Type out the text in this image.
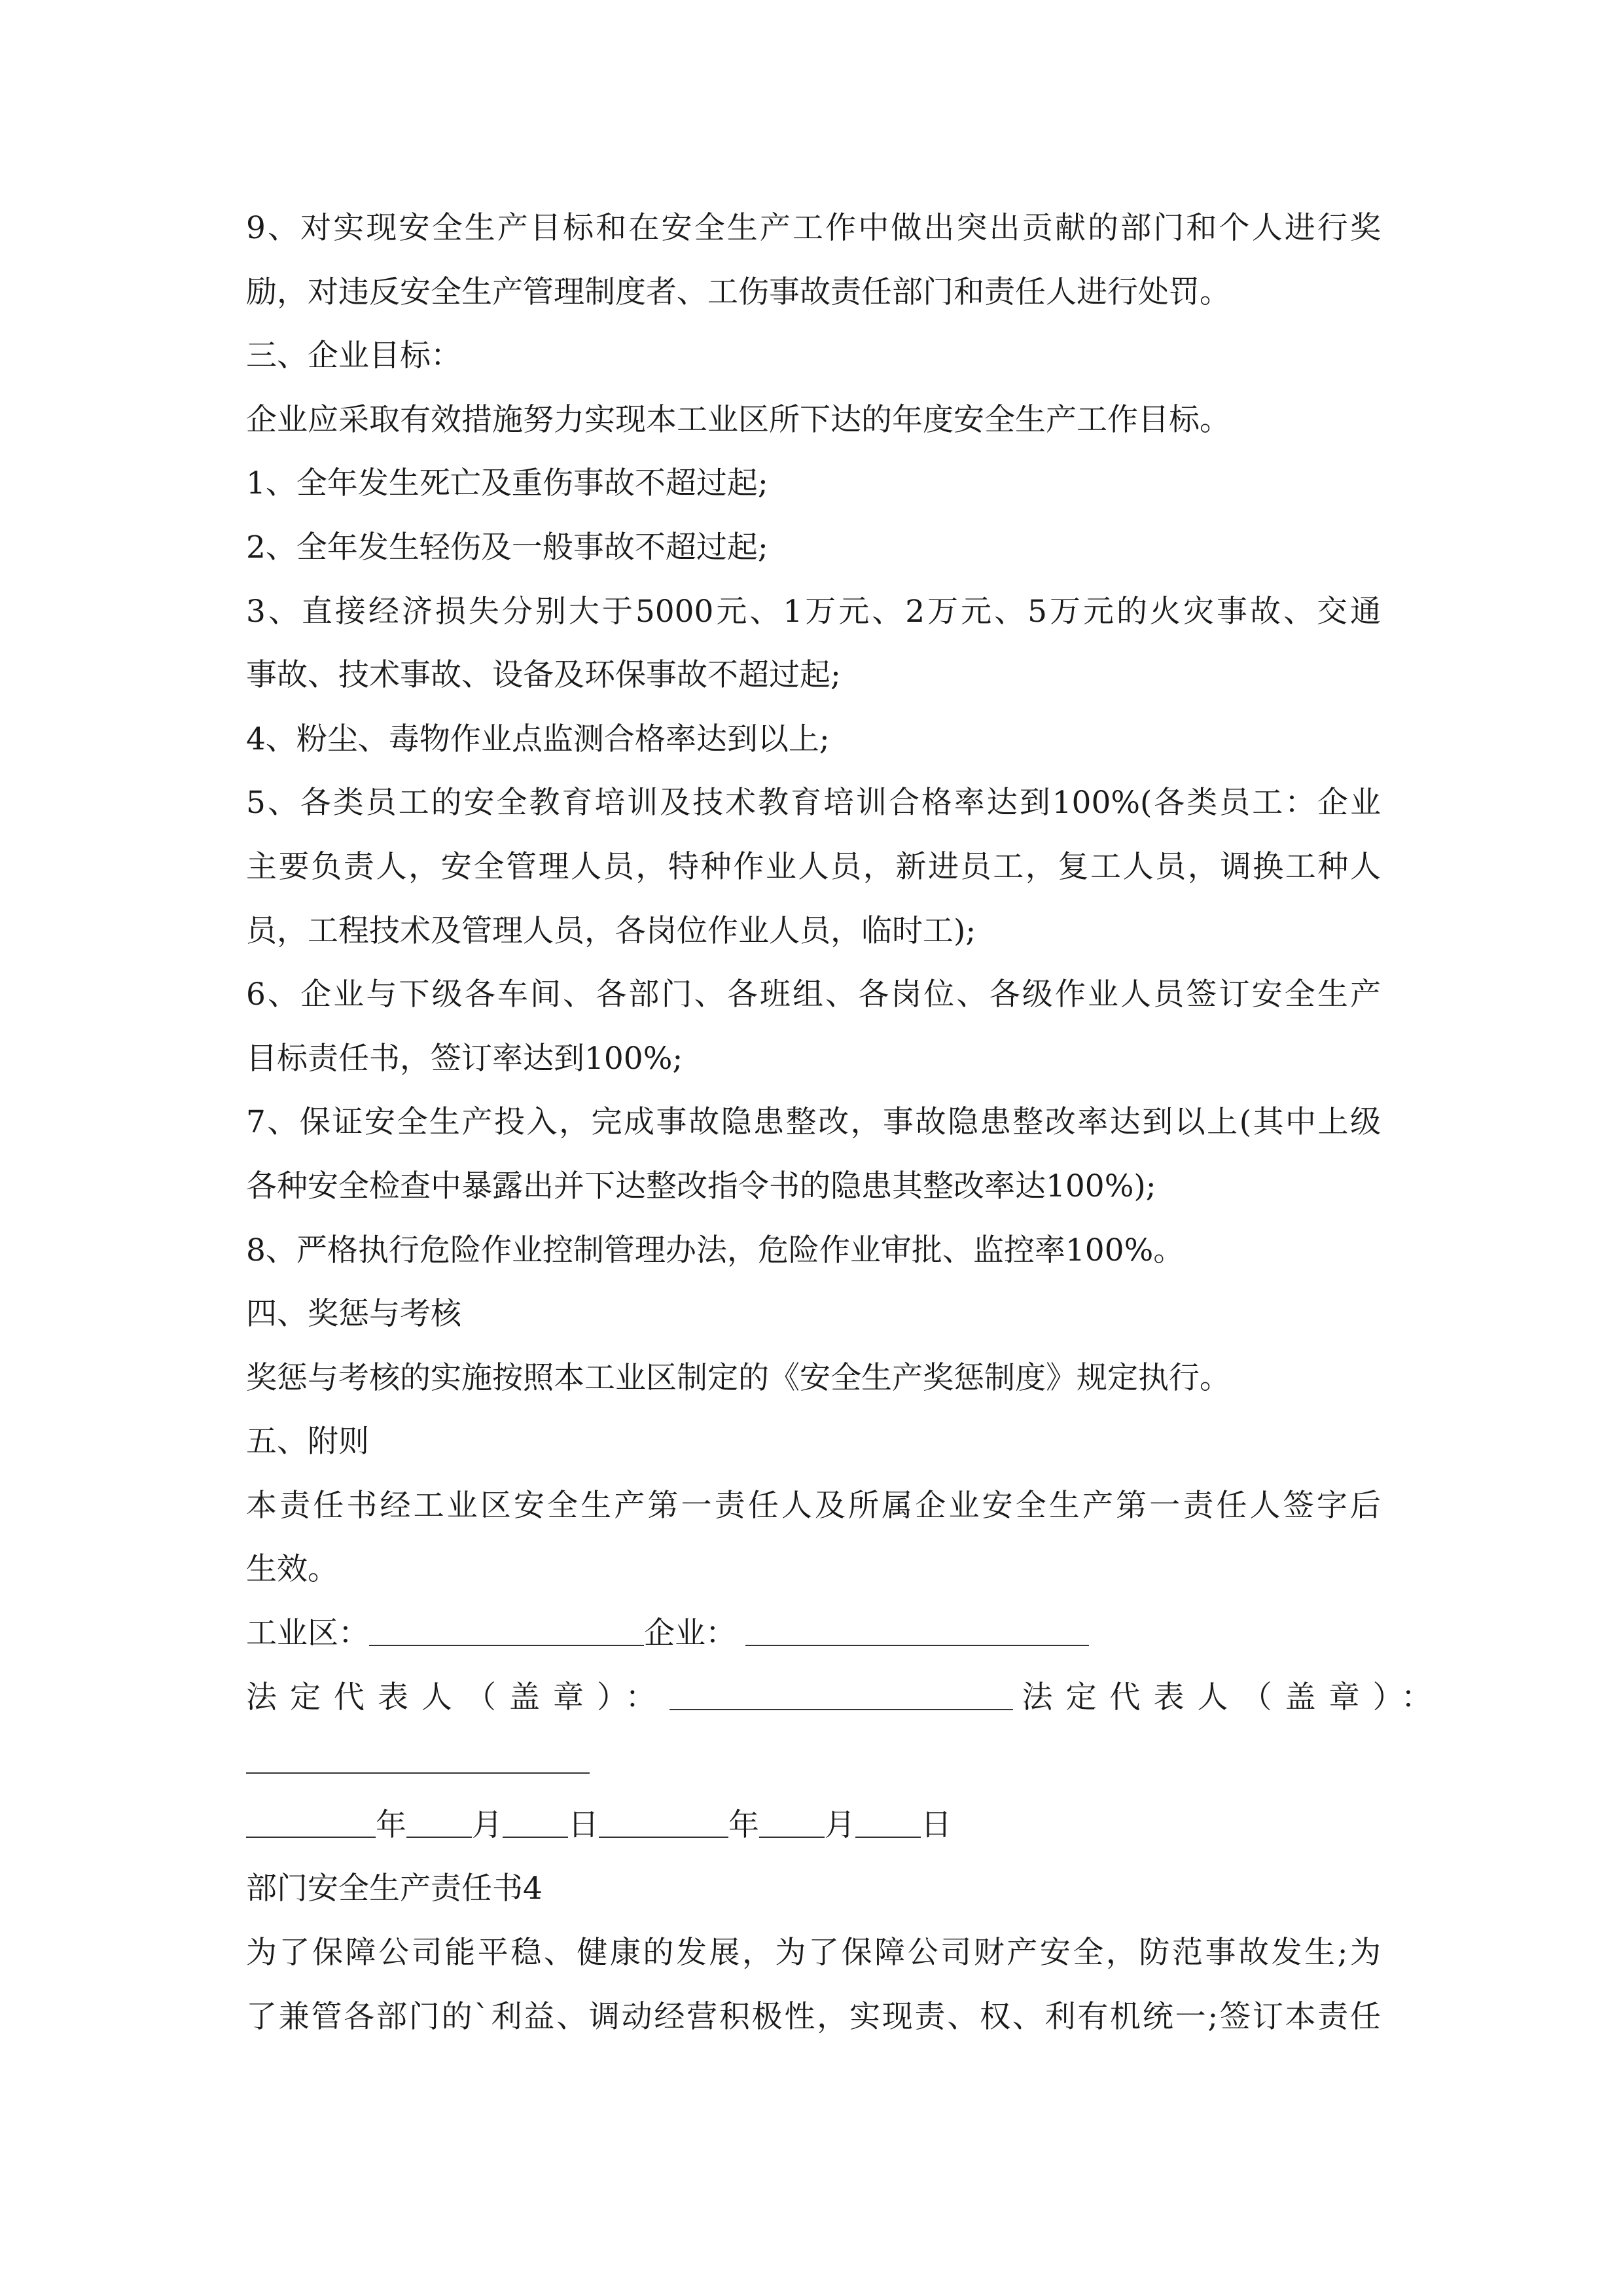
9、对实现安全生产目标和在安全生产工作中做出突出贡献的部门和个人进行奖
励，对违反安全生产管理制度者、工伤事故责任部门和责任人进行处罚。
三、企业目标：
企业应采取有效措施努力实现本工业区所下达的年度安全生产工作目标。
1、全年发生死亡及重伤事故不超过起;
2、全年发生轻伤及一般事故不超过起;
3、直接经济损失分别大于5000元、1万元、2万元、5万元的火灾事故、交通
事故、技术事故、设备及环保事故不超过起;
4、粉尘、毒物作业点监测合格率达到以上;
5、各类员工的安全教育培训及技术教育培训合格率达到100%(各类员工：企业
主要负责人，安全管理人员，特种作业人员，新进员工，复工人员，调换工种人
员，工程技术及管理人员，各岗位作业人员，临时工);
6、企业与下级各车间、各部门、各班组、各岗位、各级作业人员签订安全生产
目标责任书，签订率达到100%;
7、保证安全生产投入，完成事故隐患整改，事故隐患整改率达到以上(其中上级
各种安全检查中暴露出并下达整改指令书的隐患其整改率达100%);
8、严格执行危险作业控制管理办法，危险作业审批、监控率100%。
四、奖惩与考核
奖惩与考核的实施按照本工业区制定的《安全生产奖惩制度》规定执行。
五、附则
本责任书经工业区安全生产第一责任人及所属企业安全生产第一责任人签字后
生效。
工业区：	企业：
法定代表人（盖章）：	法定代表人（盖章）：
年 月 日	年 月 日
部门安全生产责任书4
为了保障公司能平稳、健康的发展，为了保障公司财产安全，防范事故发生;为
了兼管各部门的`利益、调动经营积极性，实现责、权、利有机统一;签订本责任
